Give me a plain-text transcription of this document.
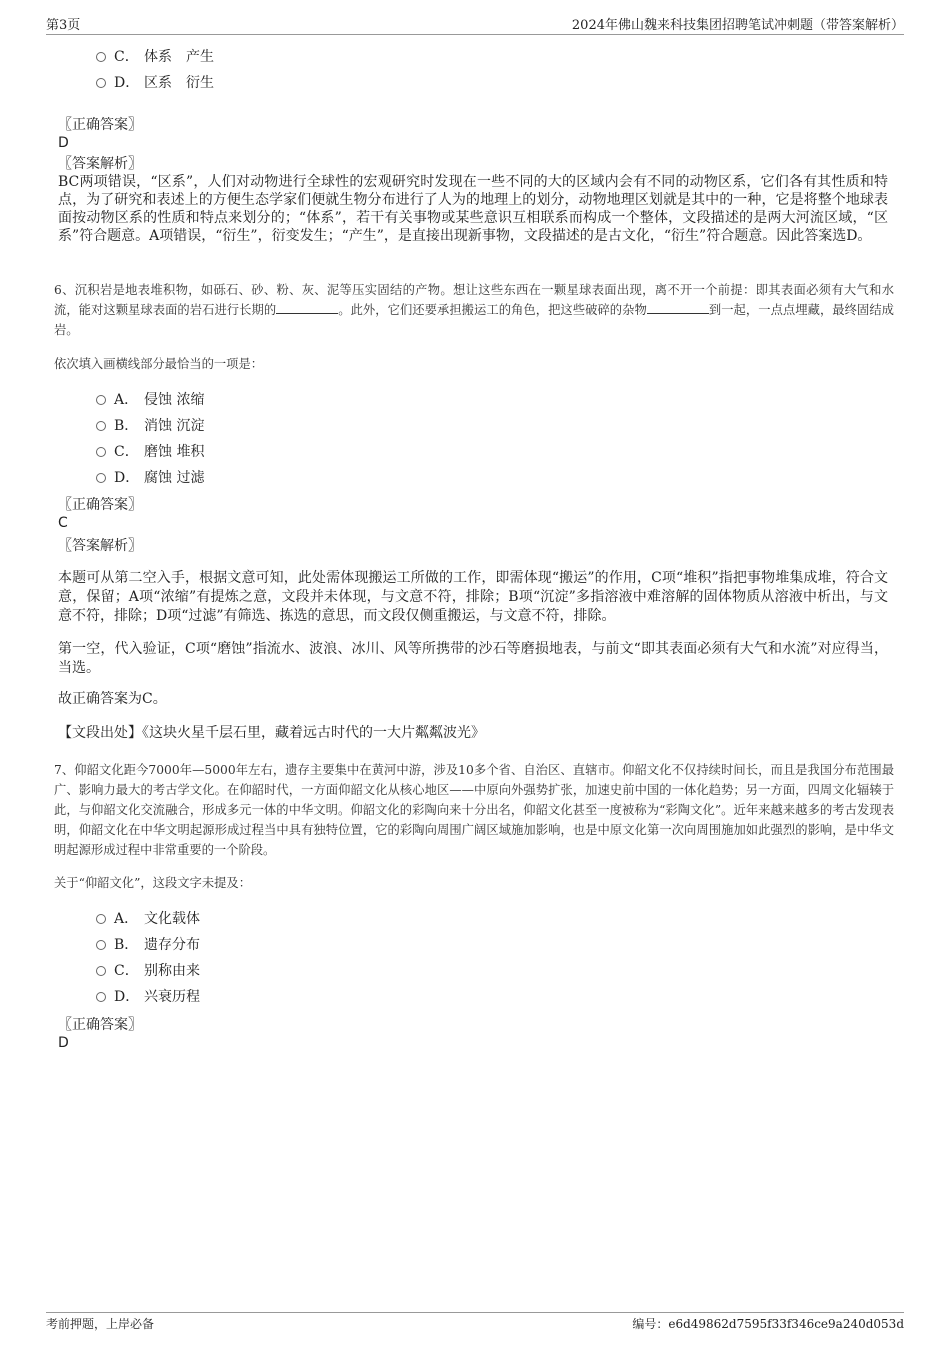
第3页	2024年佛山魏来科技集团招聘笔试冲刺题（带答案解析）
C． 体系　产生
D． 区系　衍生
〖正确答案〗
D
〖答案解析〗
BC两项错误，“区系”，人们对动物进行全球性的宏观研究时发现在一些不同的大的区域内会有不同的动物区系，它们各有其性质和特点，为了研究和表述上的方便生态学家们便就生物分布进行了人为的地理上的划分，动物地理区划就是其中的一种，它是将整个地球表面按动物区系的性质和特点来划分的；“体系”，若干有关事物或某些意识互相联系而构成一个整体，文段描述的是两大河流区域，“区系”符合题意。A项错误，“衍生”，衍变发生；“产生”，是直接出现新事物，文段描述的是古文化，“衍生”符合题意。因此答案选D。
6、沉积岩是地表堆积物，如砾石、砂、粉、灰、泥等压实固结的产物。想让这些东西在一颗星球表面出现，离不开一个前提：即其表面必须有大气和水流，能对这颗星球表面的岩石进行长期的	。此外，它们还要承担搬运工的角色，把这些破碎的杂物	到一起，一点点埋藏，最终固结成岩。
依次填入画横线部分最恰当的一项是：
A． 侵蚀 浓缩
B． 消蚀 沉淀
C． 磨蚀 堆积
D． 腐蚀 过滤
〖正确答案〗
C
〖答案解析〗
本题可从第二空入手，根据文意可知，此处需体现搬运工所做的工作，即需体现“搬运”的作用，C项“堆积”指把事物堆集成堆，符合文意，保留；A项“浓缩”有提炼之意，文段并未体现，与文意不符，排除；B项“沉淀”多指溶液中难溶解的固体物质从溶液中析出，与文意不符，排除；D项“过滤”有筛选、拣选的意思，而文段仅侧重搬运，与文意不符，排除。
第一空，代入验证，C项“磨蚀”指流水、波浪、冰川、风等所携带的沙石等磨损地表，与前文“即其表面必须有大气和水流”对应得当，当选。
故正确答案为C。
【文段出处】《这块火星千层石里，藏着远古时代的一大片粼粼波光》
7、仰韶文化距今7000年—5000年左右，遗存主要集中在黄河中游，涉及10多个省、自治区、直辖市。仰韶文化不仅持续时间长，而且是我国分布范围最广、影响力最大的考古学文化。在仰韶时代，一方面仰韶文化从核心地区——中原向外强势扩张，加速史前中国的一体化趋势；另一方面，四周文化辐辏于此，与仰韶文化交流融合，形成多元一体的中华文明。仰韶文化的彩陶向来十分出名，仰韶文化甚至一度被称为“彩陶文化”。近年来越来越多的考古发现表明，仰韶文化在中华文明起源形成过程当中具有独特位置，它的彩陶向周围广阔区域施加影响，也是中原文化第一次向周围施加如此强烈的影响，是中华文明起源形成过程中非常重要的一个阶段。
关于“仰韶文化”，这段文字未提及：
A． 文化载体
B． 遗存分布
C． 别称由来
D． 兴衰历程
〖正确答案〗
D
考前押题，上岸必备	编号：e6d49862d7595f33f346ce9a240d053d
